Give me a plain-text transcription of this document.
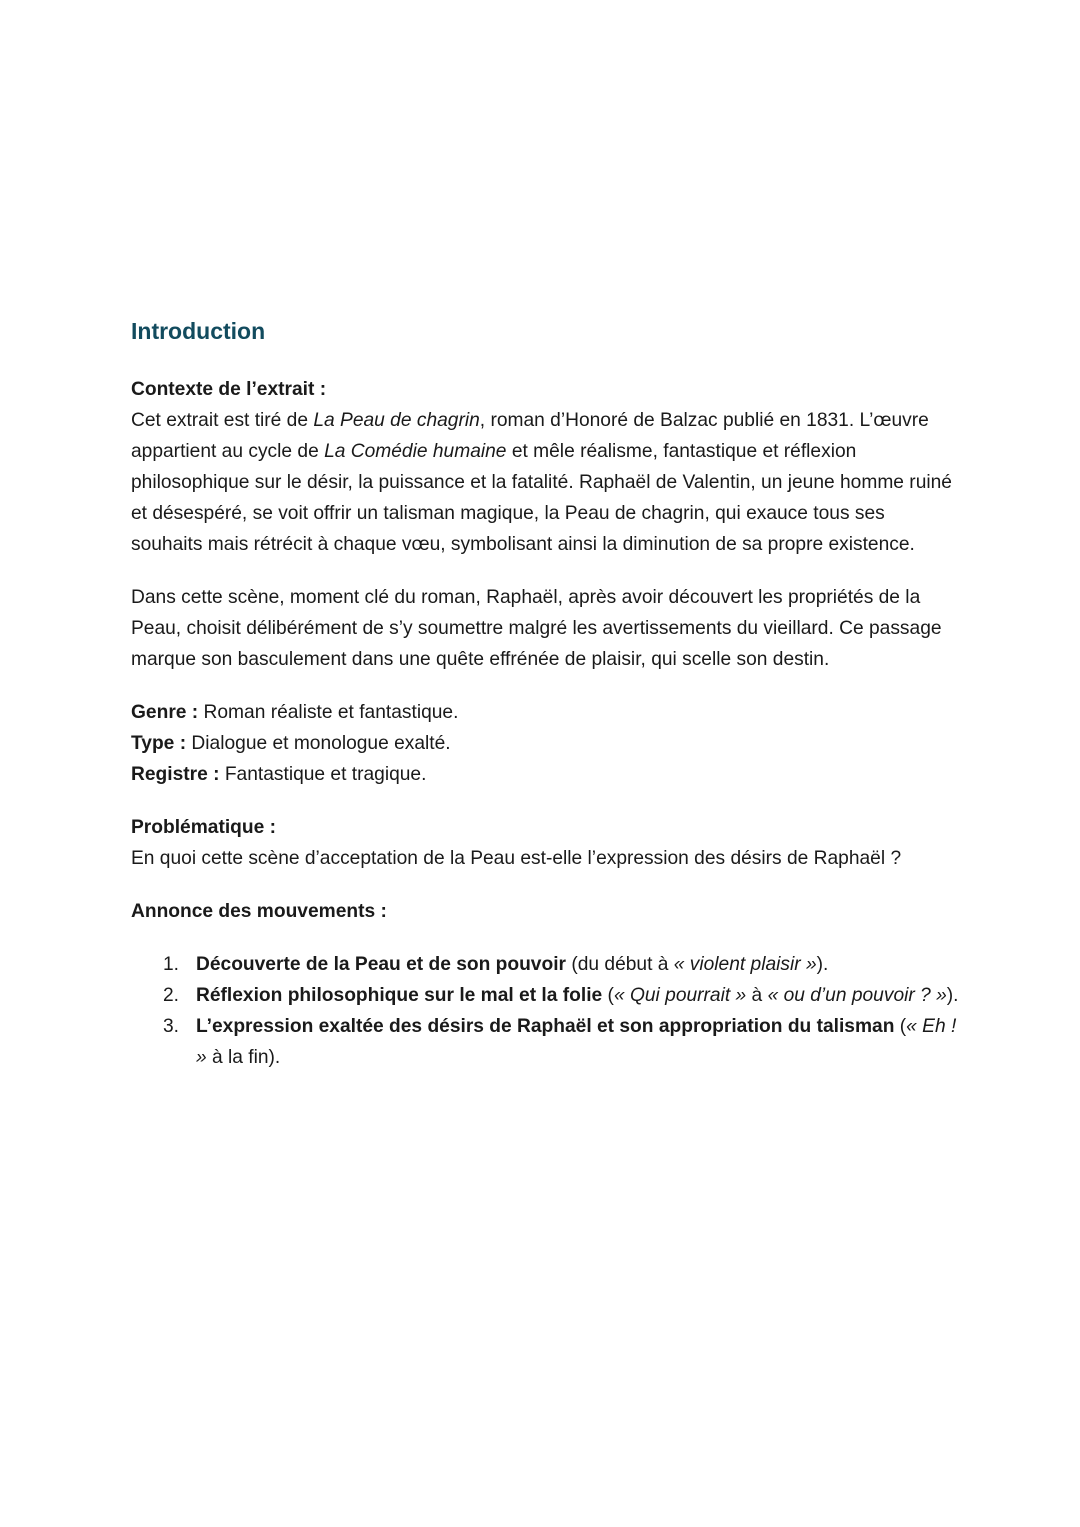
Introduction
Contexte de l’extrait :

Cet extrait est tiré de La Peau de chagrin, roman d’Honoré de Balzac publié en 1831. L’œuvre appartient au cycle de La Comédie humaine et mêle réalisme, fantastique et réflexion philosophique sur le désir, la puissance et la fatalité. Raphaël de Valentin, un jeune homme ruiné et désespéré, se voit offrir un talisman magique, la Peau de chagrin, qui exauce tous ses souhaits mais rétrécit à chaque vœu, symbolisant ainsi la diminution de sa propre existence.

Dans cette scène, moment clé du roman, Raphaël, après avoir découvert les propriétés de la Peau, choisit délibérément de s’y soumettre malgré les avertissements du vieillard. Ce passage marque son basculement dans une quête effrénée de plaisir, qui scelle son destin.

Genre : Roman réaliste et fantastique.

Type : Dialogue et monologue exalté.

Registre : Fantastique et tragique.

Problématique :

En quoi cette scène d’acceptation de la Peau est-elle l’expression des désirs de Raphaël ?

Annonce des mouvements :
1. Découverte de la Peau et de son pouvoir (du début à « violent plaisir »).
2. Réflexion philosophique sur le mal et la folie (« Qui pourrait » à « ou d’un pouvoir ? »).
3. L’expression exaltée des désirs de Raphaël et son appropriation du talisman (« Eh ! » à la fin).
